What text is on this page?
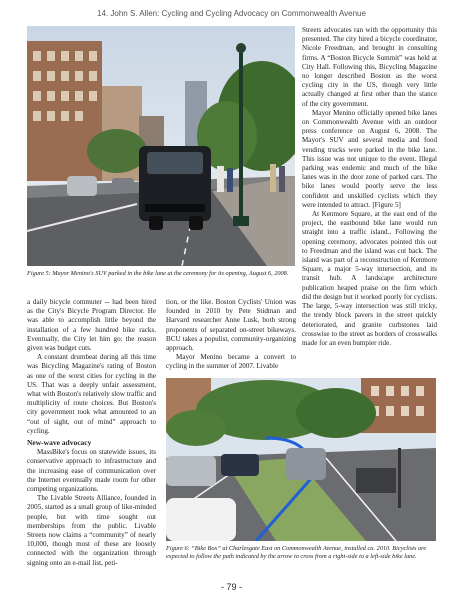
14. John S. Allen: Cycling and Cycling Advocacy on Commonwealth Avenue
Figure 5: Mayor Menino's SUV parked in the bike lane at the ceremony for its opening, August 6, 2008.

Streets advocates ran with the opportunity this presented. The city hired a bicycle coordinator, Nicole Freedman, and brought in consulting firms. A “Boston Bicycle Summit” was held at City Hall. Following this, Bicycling Magazine no longer described Boston as the worst cycling city in the US, though very little actually changed at first other than the stance of the city government.

Mayor Menino officially opened bike lanes on Commonwealth Avenue with an outdoor press conference on August 6, 2008. The Mayor's SUV and several media and food vending trucks were parked in the bike lane. This issue was not unique to the event. Illegal parking was endemic and much of the bike lanes was in the door zone of parked cars. The bike lanes would poorly serve the less confident and unskilled cyclists which they were intended to attract. [Figure 5]

At Kenmore Square, at the east end of the project, the eastbound bike lane would run straight into a traffic island.. Following the opening ceremony, advocates pointed this out to Freedman and the island was cut back. The island was part of a reconstruction of Kenmore Square, a major 5-way intersection, and its transit hub. A landscape architecture publication heaped praise on the firm which did the design but it worked poorly for cyclists. The large, 5-way intersection was still tricky, the trendy block pavers in the street quickly deteriorated, and granite curbstones laid crosswise to the street as borders of crosswalks made for an even bumpier ride.

a daily bicycle commuter -- had been hired as the City's Bicycle Program Director. He was able to accomplish little beyond the installation of a few hundred bike racks. Eventually, the City let him go: the reason given was budget cuts.

A constant drumbeat during all this time was Bicycling Magazine's rating of Boston as one of the worst cities for cycling in the US. That was a deeply unfair assessment, what with Boston's relatively slow traffic and multiplicity of route choices. But Boston's city government took what amounted to an “out of sight, out of mind” approach to cycling.

New-wave advocacy

MassBike's focus on statewide issues, its conservative approach to infrastructure and the increasing ease of communication over the Internet eventually made room for other competing organizations.

The Livable Streets Alliance, founded in 2005, started as a small group of like-minded people, but with time sought out memberships from the public. Livable Streets now claims a “community” of nearly 10,000, though most of these are loosely connected with the organization through signing onto an e-mail list, peti-

tion, or the like. Boston Cyclists' Union was founded in 2010 by Pete Stidman and Harvard researcher Anne Lusk, both strong proponents of separated on-street bikeways. BCU takes a populist, community-organizing approach.

Mayor Menino became a convert to cycling in the summer of 2007. Livable

Figure 6: “Bike Box” at Charlesgate East on Commonwealth Avenue, installed ca. 2010. Bicyclists are expected to follow the path indicated by the arrow to cross from a right-side to a left-side bike lane.
- 79 -
